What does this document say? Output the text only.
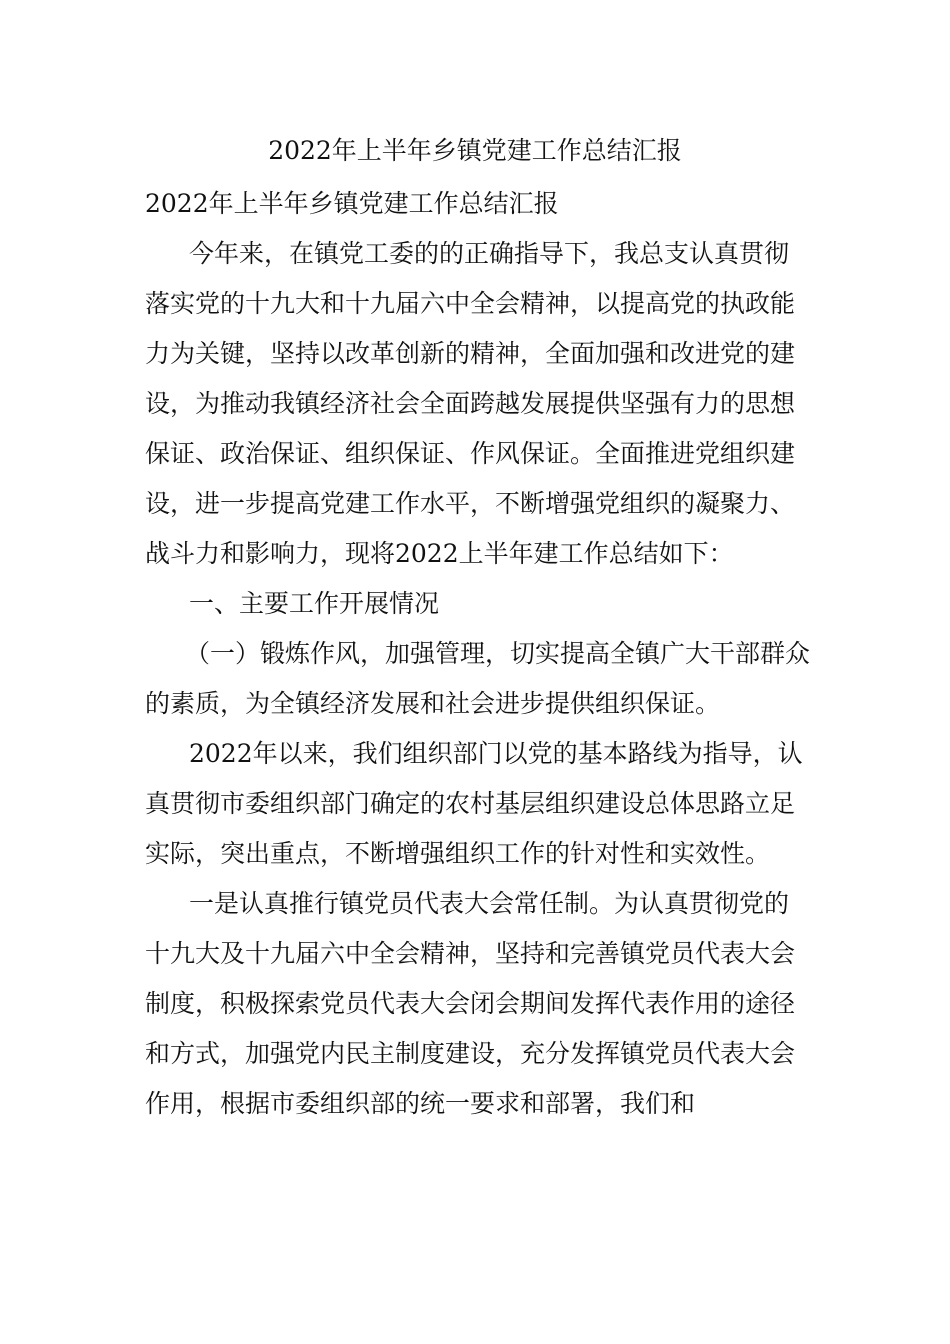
2022年上半年乡镇党建工作总结汇报

2022年上半年乡镇党建工作总结汇报

今年来，在镇党工委的的正确指导下，我总支认真贯彻落实党的十九大和十九届六中全会精神，以提高党的执政能力为关键，坚持以改革创新的精神，全面加强和改进党的建设，为推动我镇经济社会全面跨越发展提供坚强有力的思想保证、政治保证、组织保证、作风保证。全面推进党组织建设，进一步提高党建工作水平，不断增强党组织的凝聚力、战斗力和影响力，现将2022上半年建工作总结如下：

一、主要工作开展情况

（一）锻炼作风，加强管理，切实提高全镇广大干部群众的素质，为全镇经济发展和社会进步提供组织保证。

2022年以来，我们组织部门以党的基本路线为指导，认真贯彻市委组织部门确定的农村基层组织建设总体思路立足实际，突出重点，不断增强组织工作的针对性和实效性。

一是认真推行镇党员代表大会常任制。为认真贯彻党的十九大及十九届六中全会精神，坚持和完善镇党员代表大会制度，积极探索党员代表大会闭会期间发挥代表作用的途径和方式，加强党内民主制度建设，充分发挥镇党员代表大会作用，根据市委组织部的统一要求和部署，我们和
